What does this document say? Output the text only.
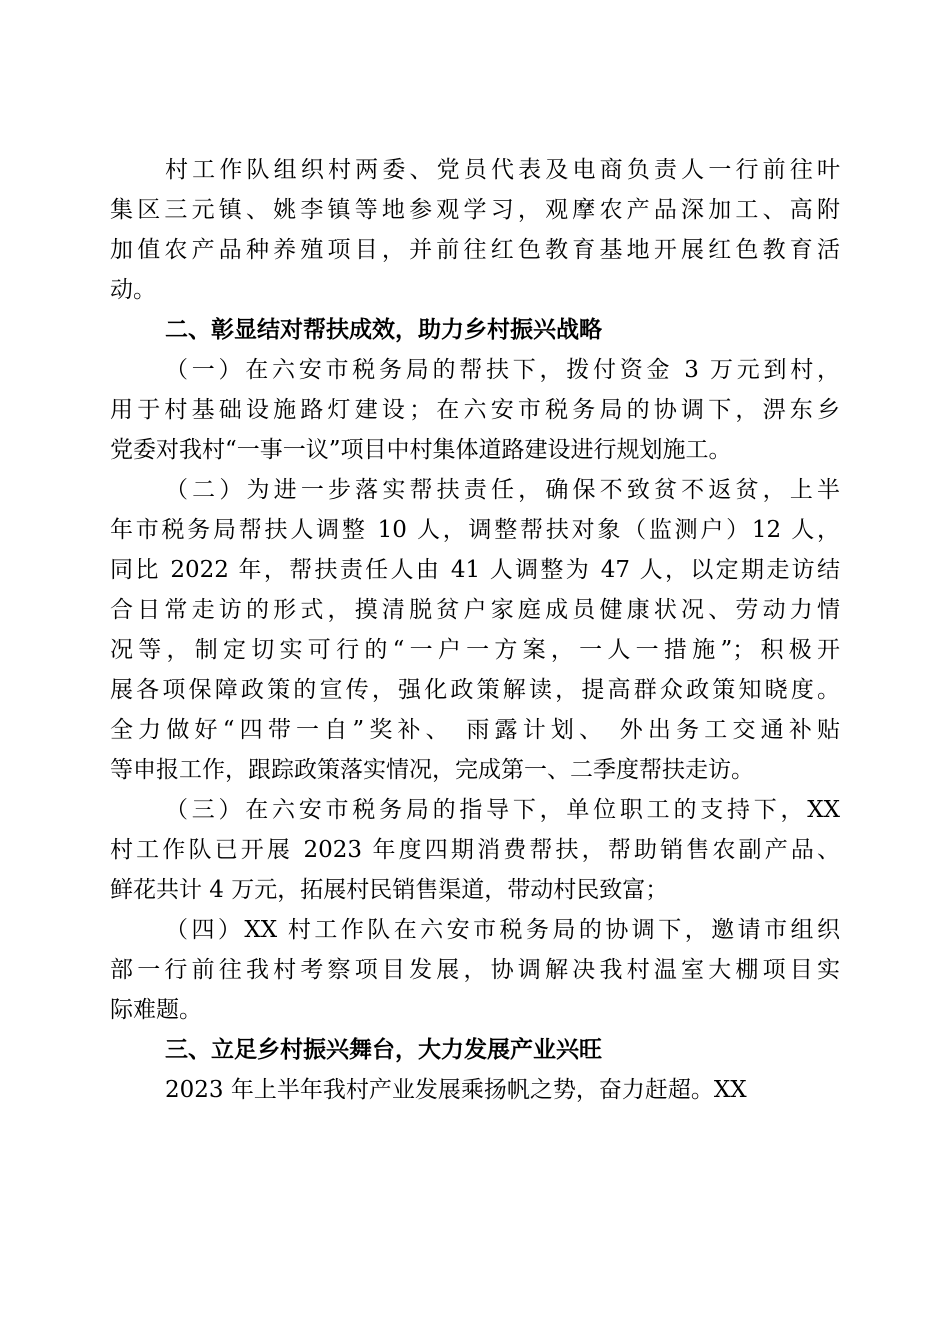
村工作队组织村两委、党员代表及电商负责人一行前往叶
集区三元镇、姚李镇等地参观学习，观摩农产品深加工、高附
加值农产品种养殖项目，并前往红色教育基地开展红色教育活
动。
二、彰显结对帮扶成效，助力乡村振兴战略
（一）在六安市税务局的帮扶下，拨付资金 3 万元到村，
用于村基础设施路灯建设；在六安市税务局的协调下，淠东乡
党委对我村“一事一议”项目中村集体道路建设进行规划施工。
（二）为进一步落实帮扶责任，确保不致贫不返贫，上半
年市税务局帮扶人调整 10 人，调整帮扶对象（监测户）12 人，
同比 2022 年，帮扶责任人由 41 人调整为 47 人，以定期走访结
合日常走访的形式，摸清脱贫户家庭成员健康状况、劳动力情
况等，制定切实可行的“一户一方案，一人一措施”；积极开
展各项保障政策的宣传，强化政策解读，提高群众政策知晓度。
全力做好“四带一自”奖补、 雨露计划、 外出务工交通补贴
等申报工作，跟踪政策落实情况，完成第一、二季度帮扶走访。
（三）在六安市税务局的指导下，单位职工的支持下，XX
村工作队已开展 2023 年度四期消费帮扶，帮助销售农副产品、
鲜花共计 4 万元，拓展村民销售渠道，带动村民致富；
（四）XX 村工作队在六安市税务局的协调下，邀请市组织
部一行前往我村考察项目发展，协调解决我村温室大棚项目实
际难题。
三、立足乡村振兴舞台，大力发展产业兴旺
2023 年上半年我村产业发展乘扬帆之势，奋力赶超。XX
